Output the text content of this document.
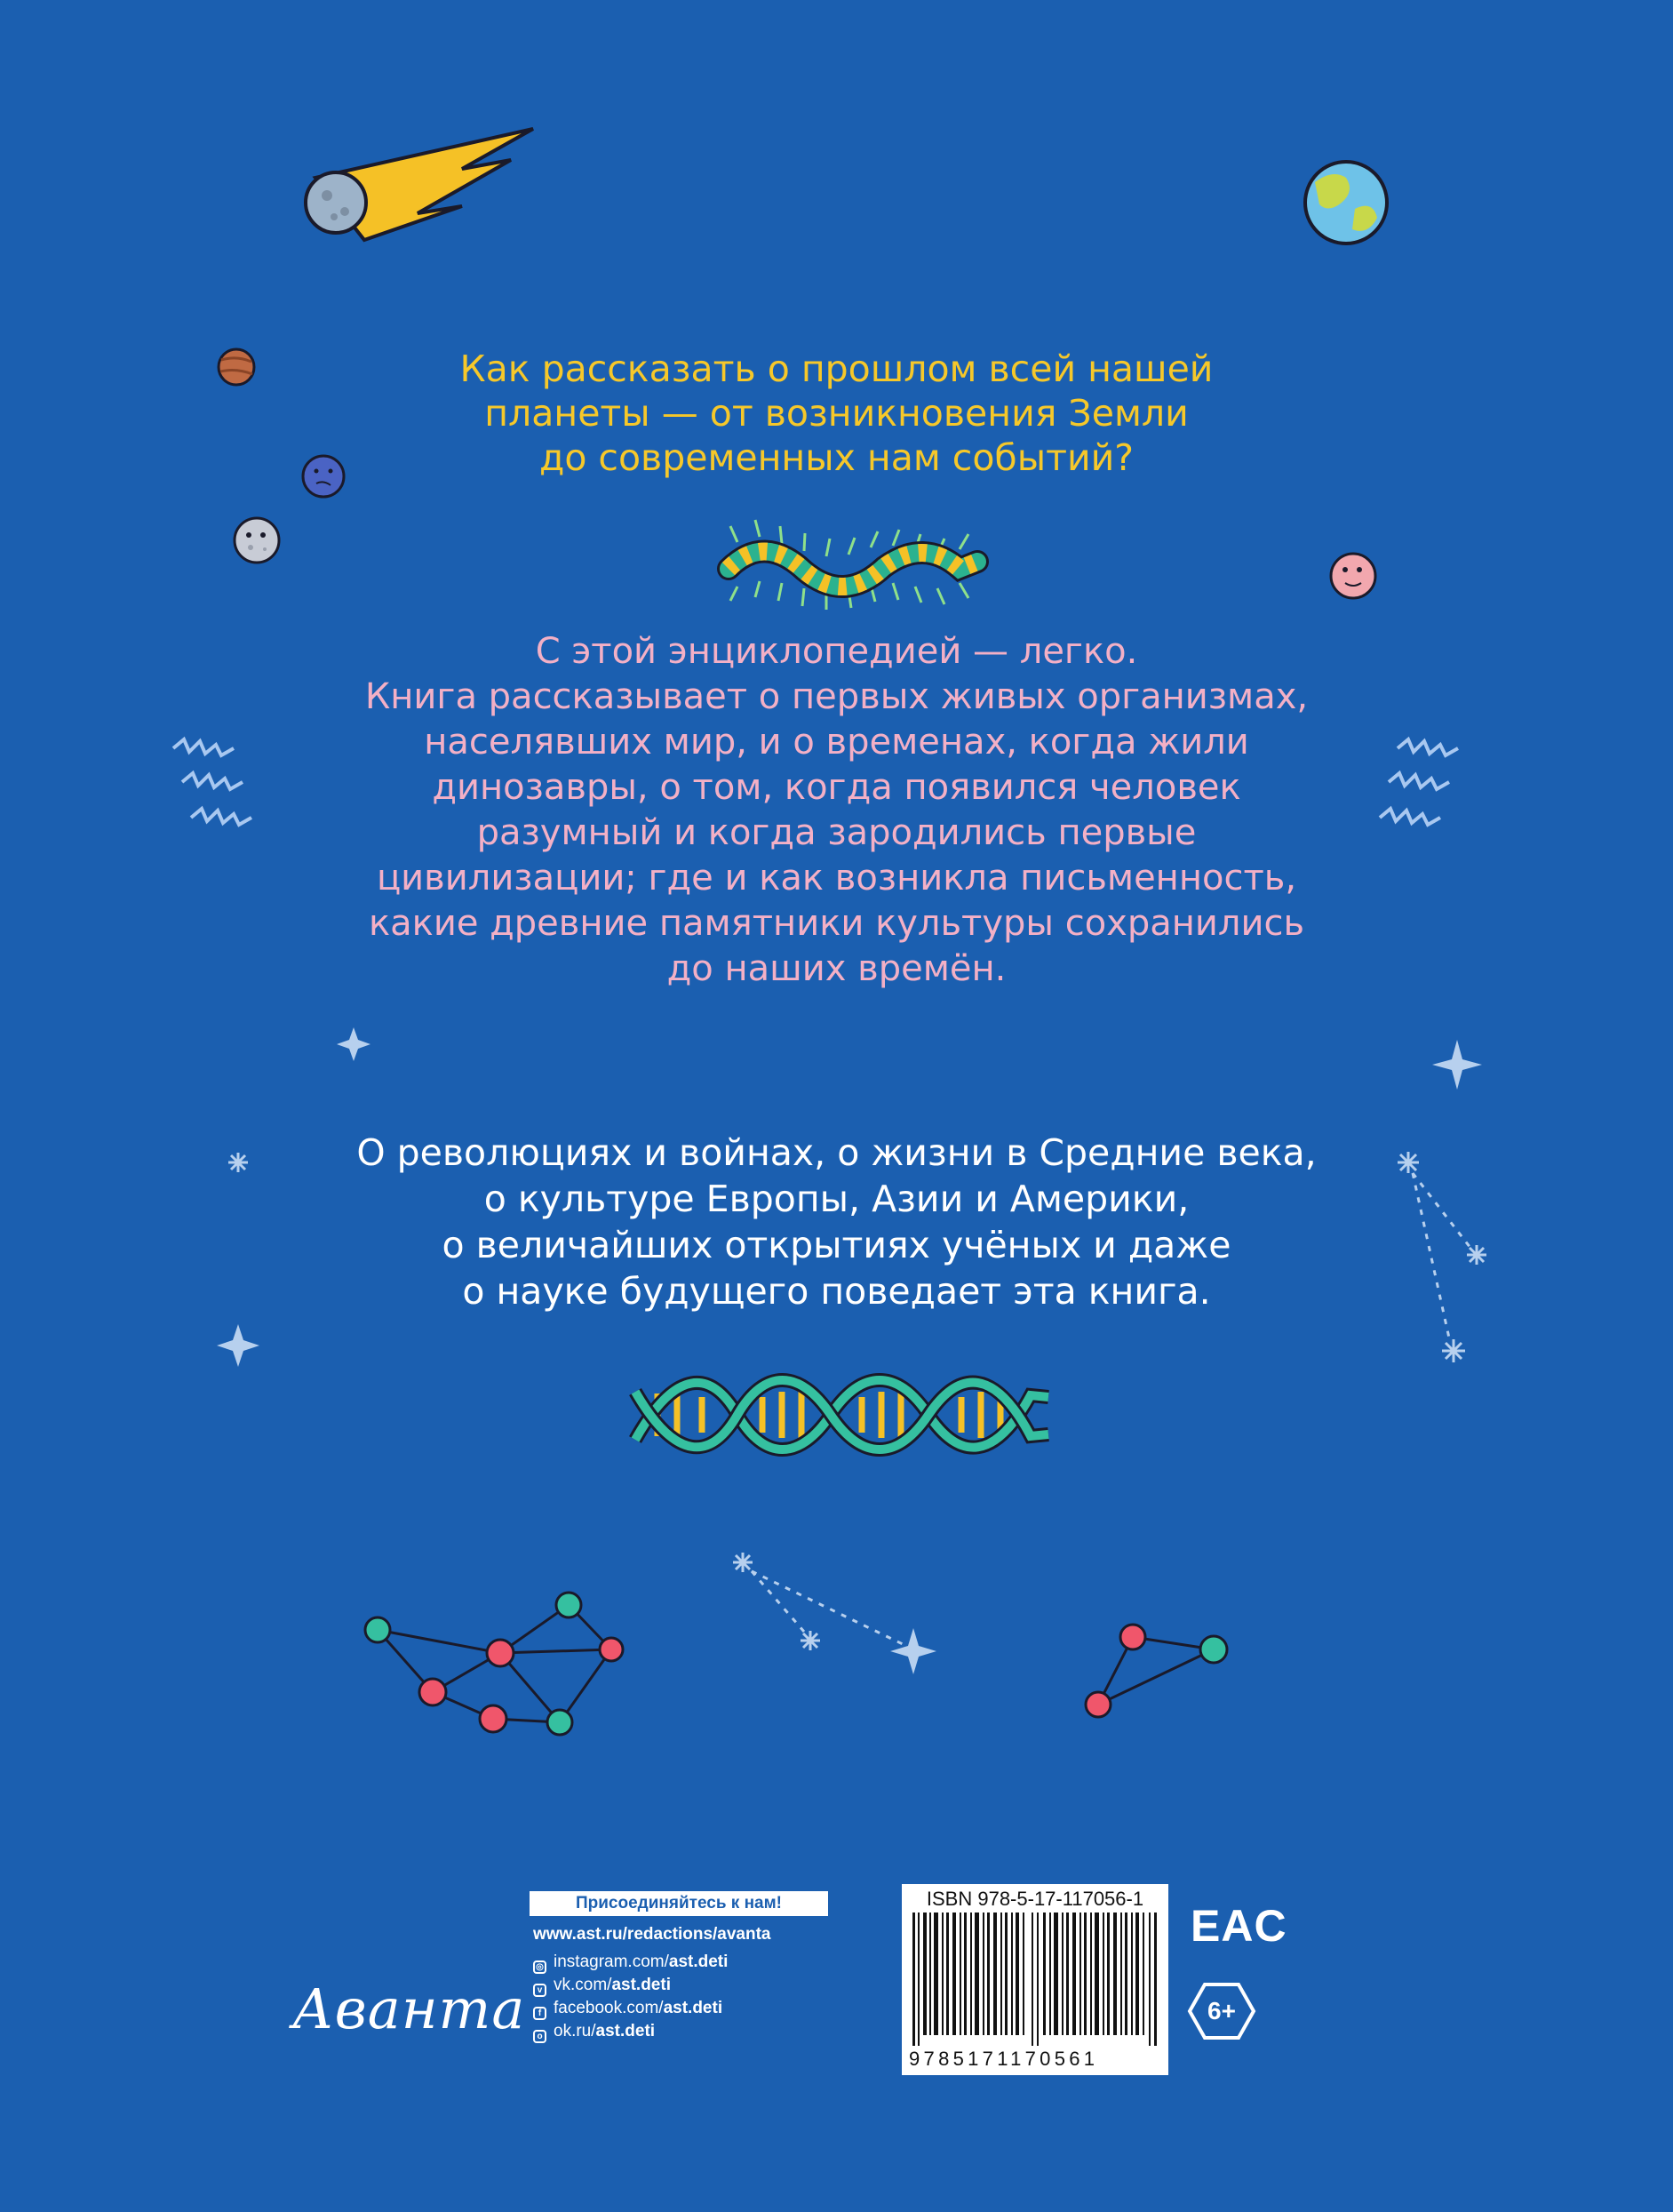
Как рассказать о прошлом всей нашей
планеты — от возникновения Земли
до современных нам событий?
С этой энциклопедией — легко.
Книга рассказывает о первых живых организмах,
населявших мир, и о временах, когда жили
динозавры, о том, когда появился человек
разумный и когда зародились первые
цивилизации; где и как возникла письменность,
какие древние памятники культуры сохранились
до наших времён.
О революциях и войнах, о жизни в Средние века,
о культуре Европы, Азии и Америки,
о величайших открытиях учёных и даже
о науке будущего поведает эта книга.
Аванта
Присоединяйтесь к нам!
www.ast.ru/redactions/avanta
◎ instagram.com/ast.deti
v vk.com/ast.deti
f facebook.com/ast.deti
o ok.ru/ast.deti
ISBN 978-5-17-117056-1
9785171170561
EAC
6+
